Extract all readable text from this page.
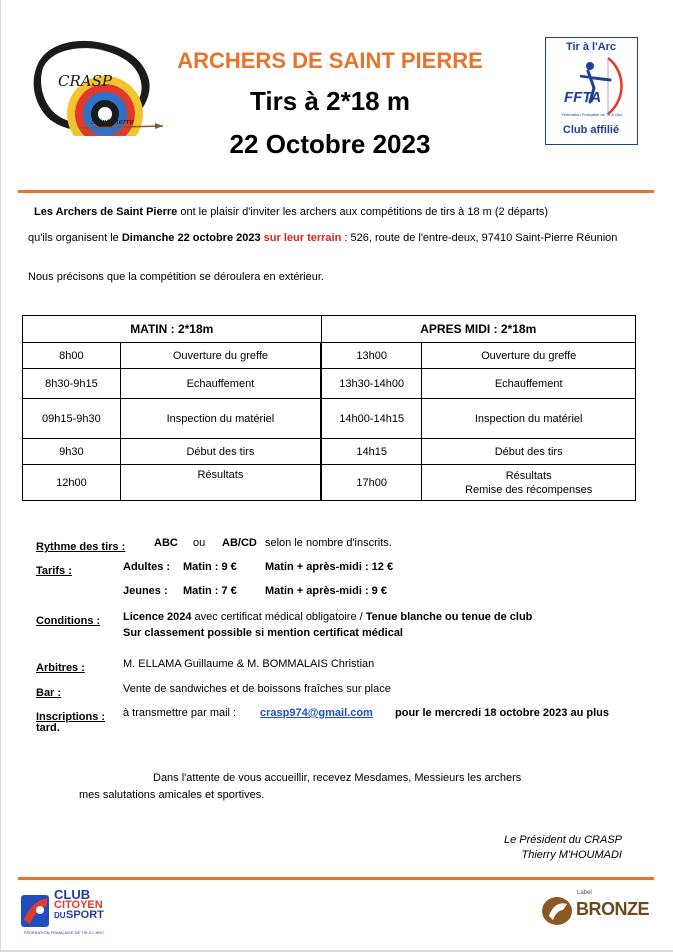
CRASP
Saint Pierre
ARCHERS DE SAINT PIERRE
Tirs à 2*18 m
22 Octobre 2023
Tir à l'Arc
FFTA
Fédération Française de Tir à l'Arc
Club affilié
Les Archers de Saint Pierre ont le plaisir d'inviter les archers aux compétitions de tirs à 18 m (2 départs)
qu'ils organisent le Dimanche 22 octobre 2023 sur leur terrain : 526, route de l'entre-deux, 97410 Saint-Pierre Réunion
Nous précisons que la compétition se déroulera en extérieur.
MATIN : 2*18m		APRES MIDI : 2*18m	
8h00	Ouverture du greffe	13h00	Ouverture du greffe
8h30-9h15	Echauffement	13h30-14h00	Echauffement
09h15-9h30	Inspection du matériel	14h00-14h15	Inspection du matériel
9h30	Début des tirs	14h15	Début des tirs
12h00	Résultats	17h00	Résultats
Remise des récompenses
Rythme des tirs :	ABC ou AB/CD selon le nombre d'inscrits.
Tarifs :	Adultes : Matin : 9 €	Matin + après-midi : 12 €
Jeunes : Matin : 7 €	Matin + après-midi : 9 €
Conditions : Licence 2024 avec certificat médical obligatoire / Tenue blanche ou tenue de club
Sur classement possible si mention certificat médical
Arbitres :	M. ELLAMA Guillaume & M. BOMMALAIS Christian
Bar :	Vente de sandwiches et de boissons fraîches sur place
Inscriptions : à transmettre par mail : crasp974@gmail.com pour le mercredi 18 octobre 2023 au plus
tard.
Dans l'attente de vous accueillir, recevez Mesdames, Messieurs les archers
mes salutations amicales et sportives.
Le Président du CRASP
Thierry M'HOUMADI
CLUB
CITOYEN
DU SPORT
FÉDÉRATION FRANÇAISE DE TIR À L'ARC
Label
BRONZE
